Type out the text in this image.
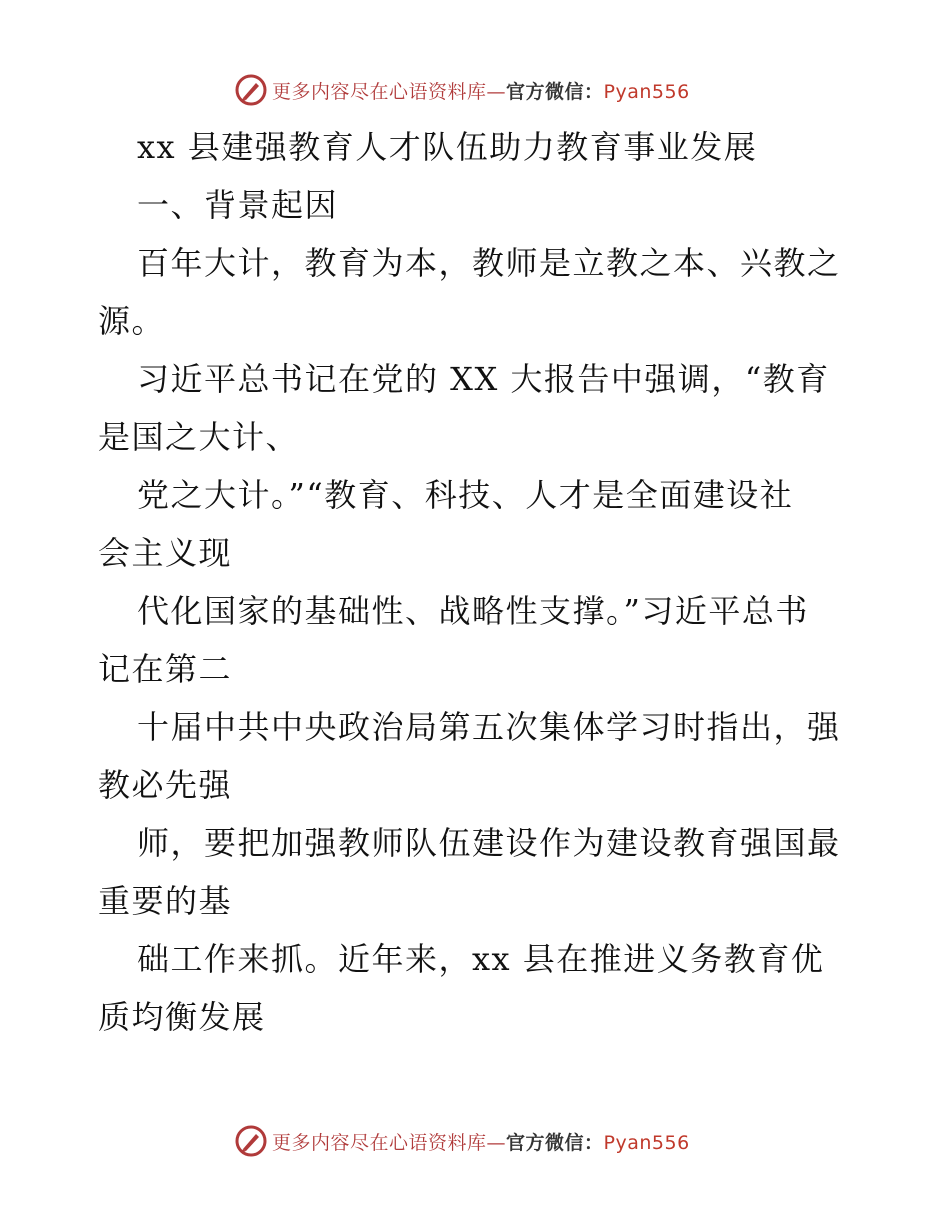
更多内容尽在心语资料库—官方微信：Pyan556
xx 县建强教育人才队伍助力教育事业发展
一、背景起因
百年大计，教育为本，教师是立教之本、兴教之
源。
习近平总书记在党的 XX 大报告中强调，“教育
是国之大计、
党之大计。”“教育、科技、人才是全面建设社
会主义现
代化国家的基础性、战略性支撑。”习近平总书
记在第二
十届中共中央政治局第五次集体学习时指出，强
教必先强
师，要把加强教师队伍建设作为建设教育强国最
重要的基
础工作来抓。近年来，xx 县在推进义务教育优
质均衡发展
更多内容尽在心语资料库—官方微信：Pyan556
